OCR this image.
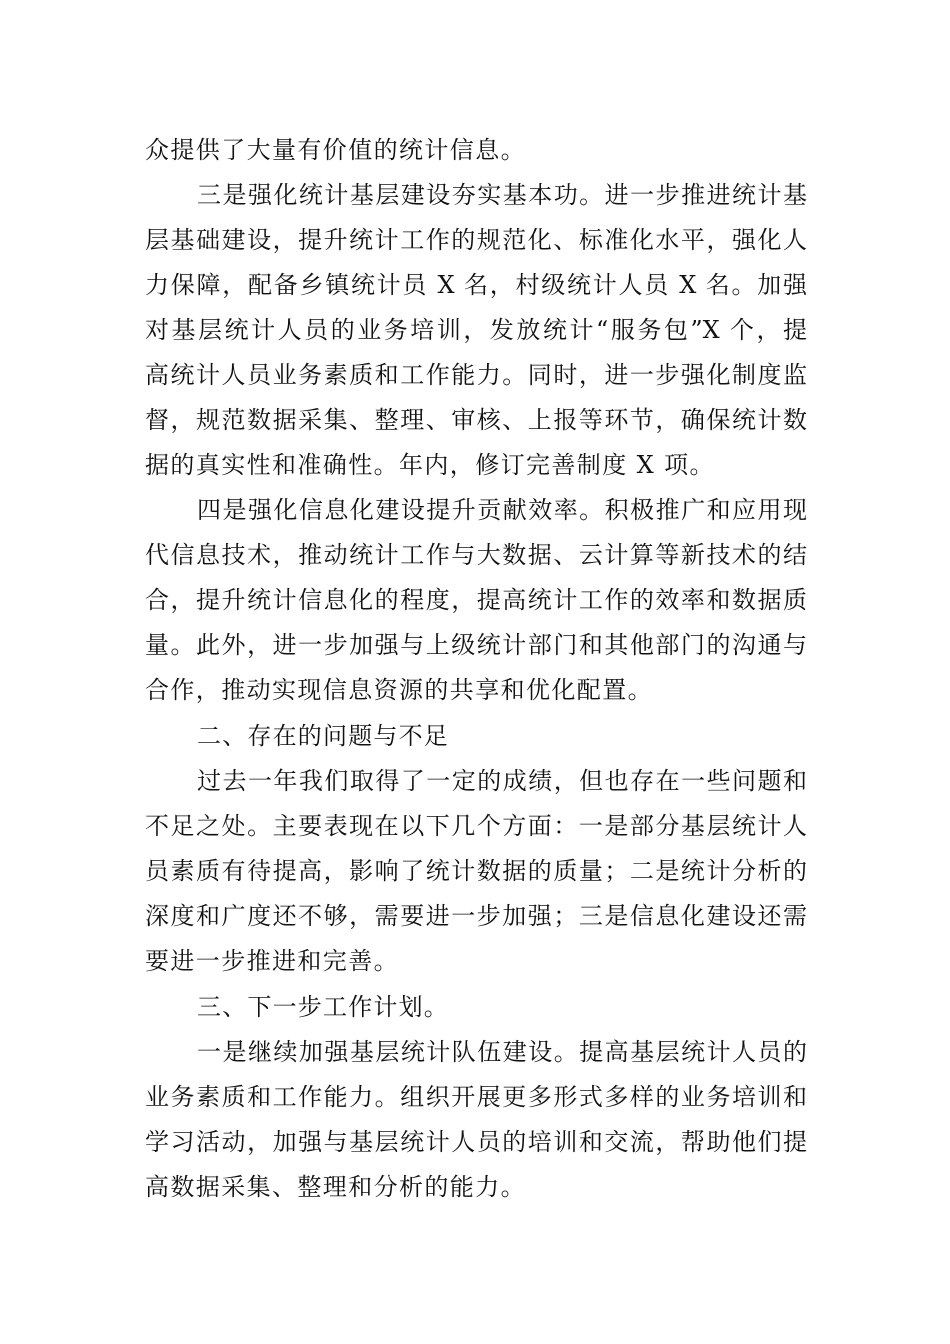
众提供了大量有价值的统计信息。
三是强化统计基层建设夯实基本功。进一步推进统计基
层基础建设，提升统计工作的规范化、标准化水平，强化人
力保障，配备乡镇统计员 X 名，村级统计人员 X 名。加强
对基层统计人员的业务培训，发放统计“服务包”X 个，提
高统计人员业务素质和工作能力。同时，进一步强化制度监
督，规范数据采集、整理、审核、上报等环节，确保统计数
据的真实性和准确性。年内，修订完善制度 X 项。
四是强化信息化建设提升贡献效率。积极推广和应用现
代信息技术，推动统计工作与大数据、云计算等新技术的结
合，提升统计信息化的程度，提高统计工作的效率和数据质
量。此外，进一步加强与上级统计部门和其他部门的沟通与
合作，推动实现信息资源的共享和优化配置。
二、存在的问题与不足
过去一年我们取得了一定的成绩，但也存在一些问题和
不足之处。主要表现在以下几个方面：一是部分基层统计人
员素质有待提高，影响了统计数据的质量；二是统计分析的
深度和广度还不够，需要进一步加强；三是信息化建设还需
要进一步推进和完善。
三、下一步工作计划。
一是继续加强基层统计队伍建设。提高基层统计人员的
业务素质和工作能力。组织开展更多形式多样的业务培训和
学习活动，加强与基层统计人员的培训和交流，帮助他们提
高数据采集、整理和分析的能力。
